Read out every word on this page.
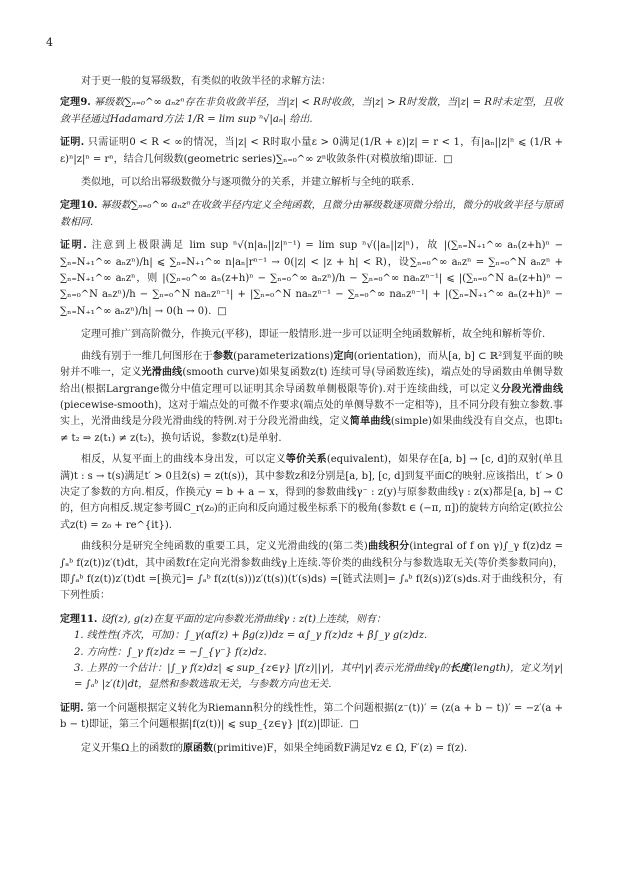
4

对于更一般的复幂级数，有类似的收敛半径的求解方法：

定理9. 幂级数∑ₙ₌₀^∞ aₙzⁿ存在非负收敛半径，当|z| < R时收敛，当|z| > R时发散，当|z| = R时未定型，且收敛半径通过Hadamard方法 1/R = lim sup ⁿ√|aₙ| 给出.

证明. 只需证明0 < R < ∞的情况，当|z| < R时取小量ε > 0满足(1/R + ε)|z| = r < 1，有|aₙ||z|ⁿ ⩽ (1/R + ε)ⁿ|z|ⁿ = rⁿ，结合几何级数(geometric series)∑ₙ₌₀^∞ zⁿ收敛条件(对模放缩)即证. □

类似地，可以给出幂级数微分与逐项微分的关系，并建立解析与全纯的联系.

定理10. 幂级数∑ₙ₌₀^∞ aₙzⁿ在收敛半径内定义全纯函数，且微分由幂级数逐项微分给出，微分的收敛半径与原函数相同.

证明. 注意到上极限满足 lim sup ⁿ√(n|aₙ||z|ⁿ⁻¹) = lim sup ⁿ√(|aₙ||z|ⁿ)，故 |(∑ₙ₌N₊₁^∞ aₙ(z+h)ⁿ − ∑ₙ₌N₊₁^∞ aₙzⁿ)/h| ⩽ ∑ₙ₌N₊₁^∞ n|aₙ|rⁿ⁻¹ → 0(|z| < |z + h| < R)，设∑ₙ₌₀^∞ aₙzⁿ = ∑ₙ₌₀^N aₙzⁿ + ∑ₙ₌N₊₁^∞ aₙzⁿ，则 |(∑ₙ₌₀^∞ aₙ(z+h)ⁿ − ∑ₙ₌₀^∞ aₙzⁿ)/h − ∑ₙ₌₀^∞ naₙzⁿ⁻¹| ⩽ |(∑ₙ₌₀^N aₙ(z+h)ⁿ − ∑ₙ₌₀^N aₙzⁿ)/h − ∑ₙ₌₀^N naₙzⁿ⁻¹| + |∑ₙ₌₀^N naₙzⁿ⁻¹ − ∑ₙ₌₀^∞ naₙzⁿ⁻¹| + |(∑ₙ₌N₊₁^∞ aₙ(z+h)ⁿ − ∑ₙ₌N₊₁^∞ aₙzⁿ)/h| → 0(h → 0). □

定理可推广到高阶微分，作换元(平移)，即证一般情形.进一步可以证明全纯函数解析，故全纯和解析等价.

曲线有别于一维几何图形在于参数(parameterizations)定向(orientation)，而从[a, b] ⊂ ℝ²到复平面的映射并不唯一，定义光滑曲线(smooth curve)如果复函数z(t) 连续可导(导函数连续)，端点处的导函数由单侧导数给出(根据Largrange微分中值定理可以证明其余导函数单侧极限等价).对于连续曲线，可以定义分段光滑曲线(piecewise-smooth)，这对于端点处的可微不作要求(端点处的单侧导数不一定相等)，且不同分段有独立参数.事实上，光滑曲线是分段光滑曲线的特例.对于分段光滑曲线，定义简单曲线(simple)如果曲线没有自交点，也即t₁ ≠ t₂ ⇒ z(t₁) ≠ z(t₂)，换句话说，参数z(t)是单射.

相反，从复平面上的曲线本身出发，可以定义等价关系(equivalent)，如果存在[a, b] → [c, d]的双射(单且满)t : s → t(s)满足t′ > 0且z̃(s) = z(t(s))，其中参数z和z̃分别是[a, b], [c, d]到复平面ℂ的映射.应该指出，t′ > 0 决定了参数的方向.相反，作换元y = b + a − x，得到的参数曲线γ⁻ : z(y)与原参数曲线γ : z(x)都是[a, b] → ℂ的，但方向相反.规定参考圆C_r(z₀)的正向和反向通过极坐标系下的极角(参数t ∈ (−π, π])的旋转方向给定(欧拉公式z(t) = z₀ + re^{it}).

曲线积分是研究全纯函数的重要工具，定义光滑曲线的(第二类)曲线积分(integral of f on γ)∫_γ f(z)dz = ∫ₐᵇ f(z(t))z′(t)dt，其中函数f在定向光滑参数曲线γ上连续.等价类的曲线积分与参数选取无关(等价类参数同向)，即∫ₐᵇ f(z(t))z′(t)dt =[换元]= ∫ₐᵇ f(z(t(s)))z′(t(s))(t′(s)ds) =[链式法则]= ∫ₐᵇ f(z̃(s))z̃′(s)ds.对于曲线积分，有下列性质：

定理11. 设f(z), g(z)在复平面的定向参数光滑曲线γ : z(t)上连续，则有：

1. 线性性(齐次，可加)：∫_γ(αf(z) + βg(z))dz = α∫_γ f(z)dz + β∫_γ g(z)dz.
2. 方向性：∫_γ f(z)dz = −∫_{γ⁻} f(z)dz.
3. 上界的一个估计：|∫_γ f(z)dz| ⩽ sup_{z∈γ} |f(z)||γ|，其中|γ|表示光滑曲线γ的长度(length)，定义为|γ| = ∫ₐᵇ |z′(t)|dt，显然和参数选取无关，与参数方向也无关.

证明. 第一个问题根据定义转化为Riemann积分的线性性，第二个问题根据(z⁻(t))′ = (z(a + b − t))′ = −z′(a + b − t)即证，第三个问题根据|f(z(t))| ⩽ sup_{z∈γ} |f(z)|即证. □

定义开集Ω上的函数f的原函数(primitive)F，如果全纯函数F满足∀z ∈ Ω, F′(z) = f(z).
